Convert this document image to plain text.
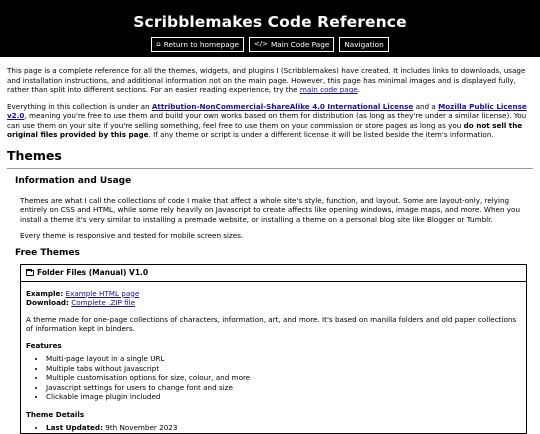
Scribblemakes Code Reference
⌂ Return to homepage </> Main Code Page Navigation

This page is a complete reference for all the themes, widgets, and plugins I (Scribblemakes) have created. It includes links to downloads, usage and installation instructions, and additional information not on the main page. However, this page has minimal images and is displayed fully, rather than split into different sections. For an easier reading experience, try the main code page.

Everything in this collection is under an Attribution-NonCommercial-ShareAlike 4.0 International License and a Mozilla Public License v2.0, meaning you're free to use them and build your own works based on them for distribution (as long as they're under a similar license). You can use them on your site if you're selling something, feel free to use them on your commission or store pages as long as you do not sell the original files provided by this page. If any theme or script is under a different license it will be listed beside the item's information.

Themes
Information and Usage

Themes are what I call the collections of code I make that affect a whole site's style, function, and layout. Some are layout-only, relying entirely on CSS and HTML, while some rely heavily on Javascript to create affects like opening windows, image maps, and more. When you install a theme it's very similar to installing a premade website, or installing a theme on a personal blog site like Blogger or Tumblr.

Every theme is responsive and tested for mobile screen sizes.

Free Themes
Folder Files (Manual) V1.0

Example: Example HTML page
Download: Complete .ZIP file

A theme made for one-page collections of characters, information, art, and more. It's based on manilla folders and old paper collections of information kept in binders.

Features
• Multi-page layout in a single URL
• Multiple tabs without Javascript
• Multiple customisation options for size, colour, and more
• Javascript settings for users to change font and size
• Clickable image plugin included
Theme Details
• Last Updated: 9th November 2023
